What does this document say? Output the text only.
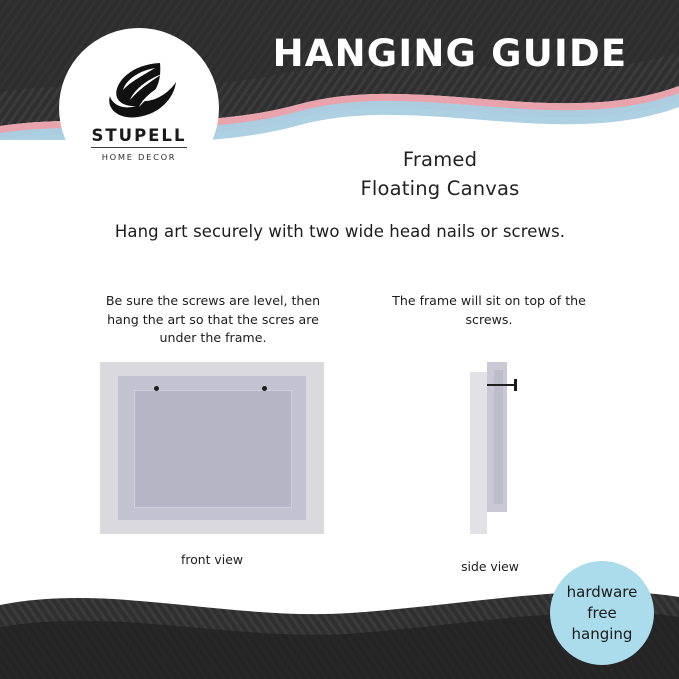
STUPELL
HOME DECOR
HANGING GUIDE
Framed
Floating Canvas
Hang art securely with two wide head nails or screws.
Be sure the screws are level, then hang the art so that the scres are under the frame.
front view
The frame will sit on top of the screws.
side view
hardware
free
hanging
